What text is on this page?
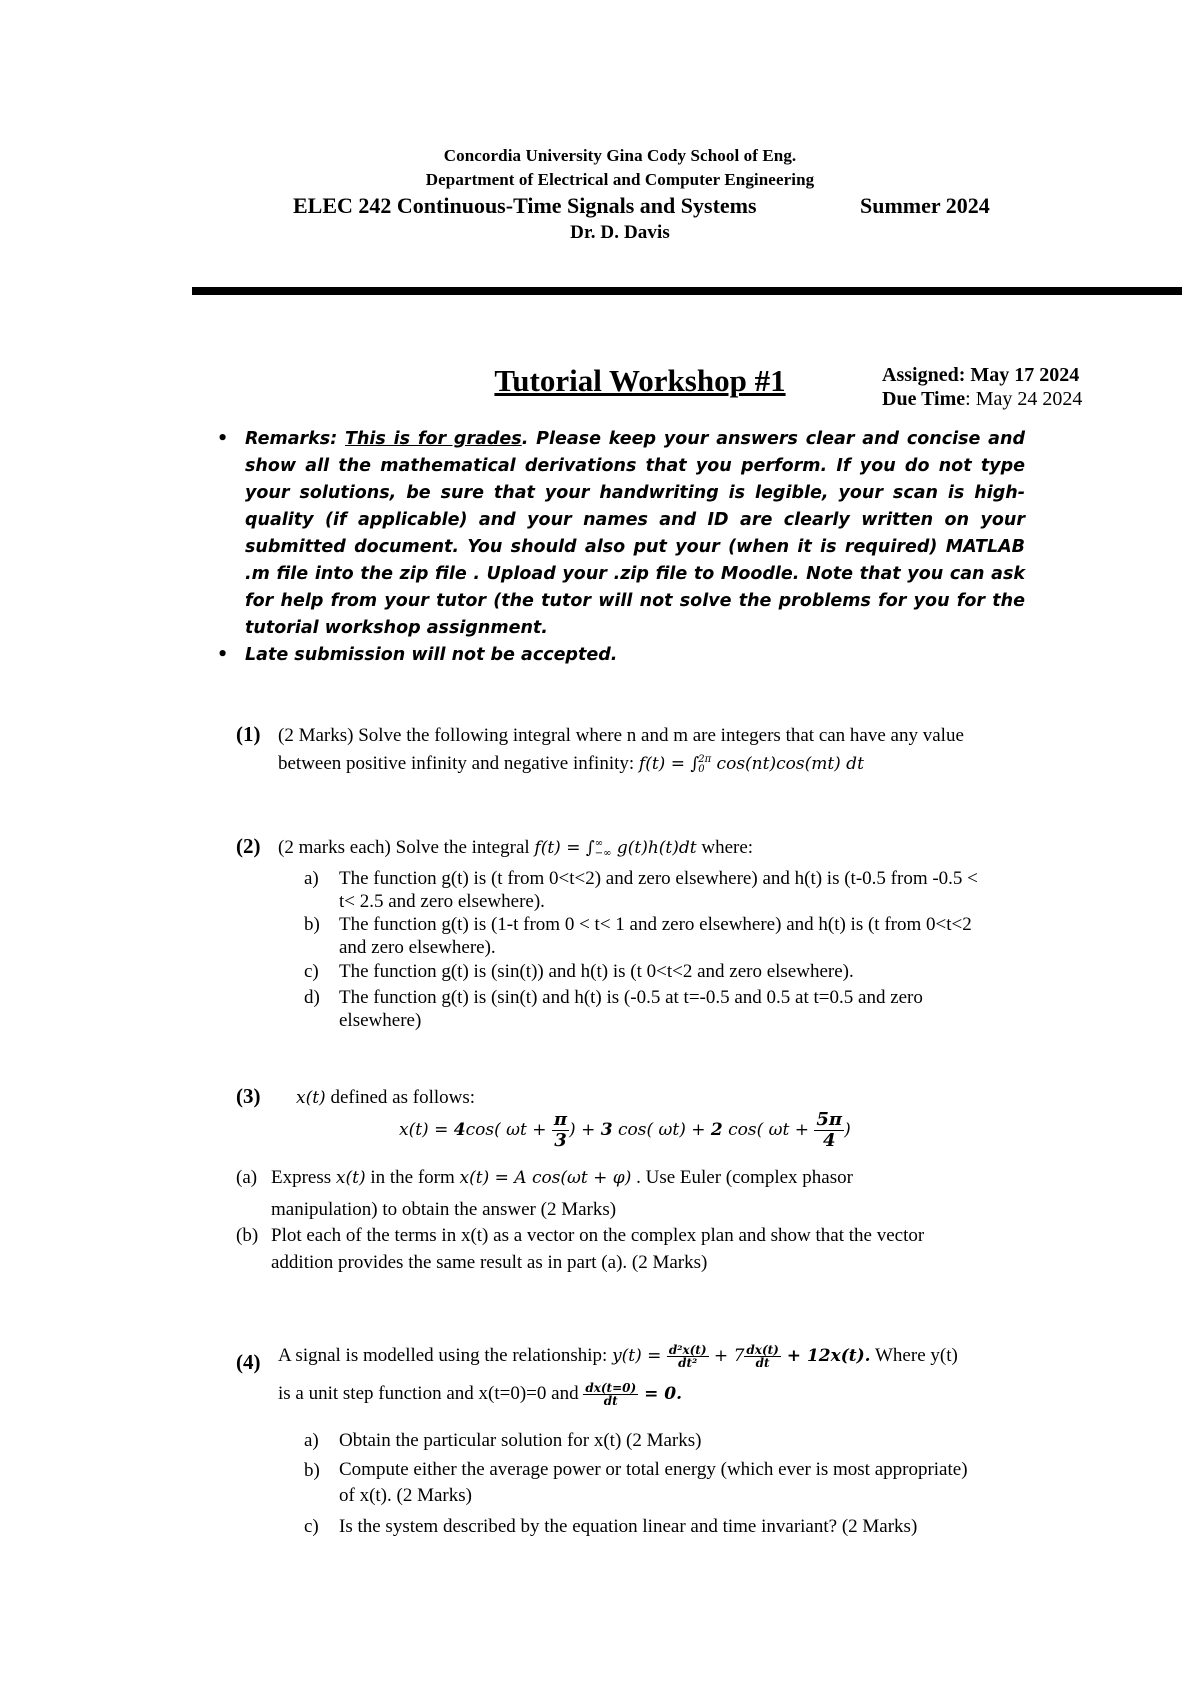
Concordia University Gina Cody School of Eng.
Department of Electrical and Computer Engineering
ELEC 242 Continuous-Time Signals and Systems	Summer 2024
Dr. D. Davis
Tutorial Workshop #1	Assigned: May 17 2024
Due Time: May 24 2024
• Remarks: This is for grades. Please keep your answers clear and concise and show all the mathematical derivations that you perform. If you do not type your solutions, be sure that your handwriting is legible, your scan is high-quality (if applicable) and your names and ID are clearly written on your submitted document. You should also put your (when it is required) MATLAB .m file into the zip file . Upload your .zip file to Moodle. Note that you can ask for help from your tutor (the tutor will not solve the problems for you for the tutorial workshop assignment.
• Late submission will not be accepted.
(1) (2 Marks) Solve the following integral where n and m are integers that can have any value
between positive infinity and negative infinity: f(t) = ∫ 2π
0 cos(nt)cos(mt) dt
(2) (2 marks each) Solve the integral f(t) = ∫ ∞
−∞ g(t)h(t)dt where:
a) The function g(t) is (t from 0<t<2) and zero elsewhere) and h(t) is (t-0.5 from -0.5 <
t< 2.5 and zero elsewhere).
b) The function g(t) is (1-t from 0 < t< 1 and zero elsewhere) and h(t) is (t from 0<t<2
and zero elsewhere).
c) The function g(t) is (sin(t)) and h(t) is (t 0<t<2 and zero elsewhere).
d) The function g(t) is (sin(t) and h(t) is (-0.5 at t=-0.5 and 0.5 at t=0.5 and zero
elsewhere)
(3) x(t) defined as follows:
x(t) = 4cos( $\omega t + \frac{\pi}{3}$ ) + 3 cos( ωt) + 2 cos( $\omega t + \frac{5\pi}{4}$ )
(a) Express x(t) in the form x(t) = A cos(ωt + φ) . Use Euler (complex phasor
manipulation) to obtain the answer (2 Marks)
(b) Plot each of the terms in x(t) as a vector on the complex plan and show that the vector
addition provides the same result as in part (a). (2 Marks)
(4) A signal is modelled using the relationship: $y(t) = \frac{\text{d²x(t)}}{\text{dt²}} + 7 \frac{dx(t)}{dt} + 12x(t)$. Where y(t)
is a unit step function and x(t=0)=0 and $\frac{dx(t=0)}{dt} = 0$.
a) Obtain the particular solution for x(t) (2 Marks)
b) Compute either the average power or total energy (which ever is most appropriate)
of x(t). (2 Marks)
c) Is the system described by the equation linear and time invariant? (2 Marks)
